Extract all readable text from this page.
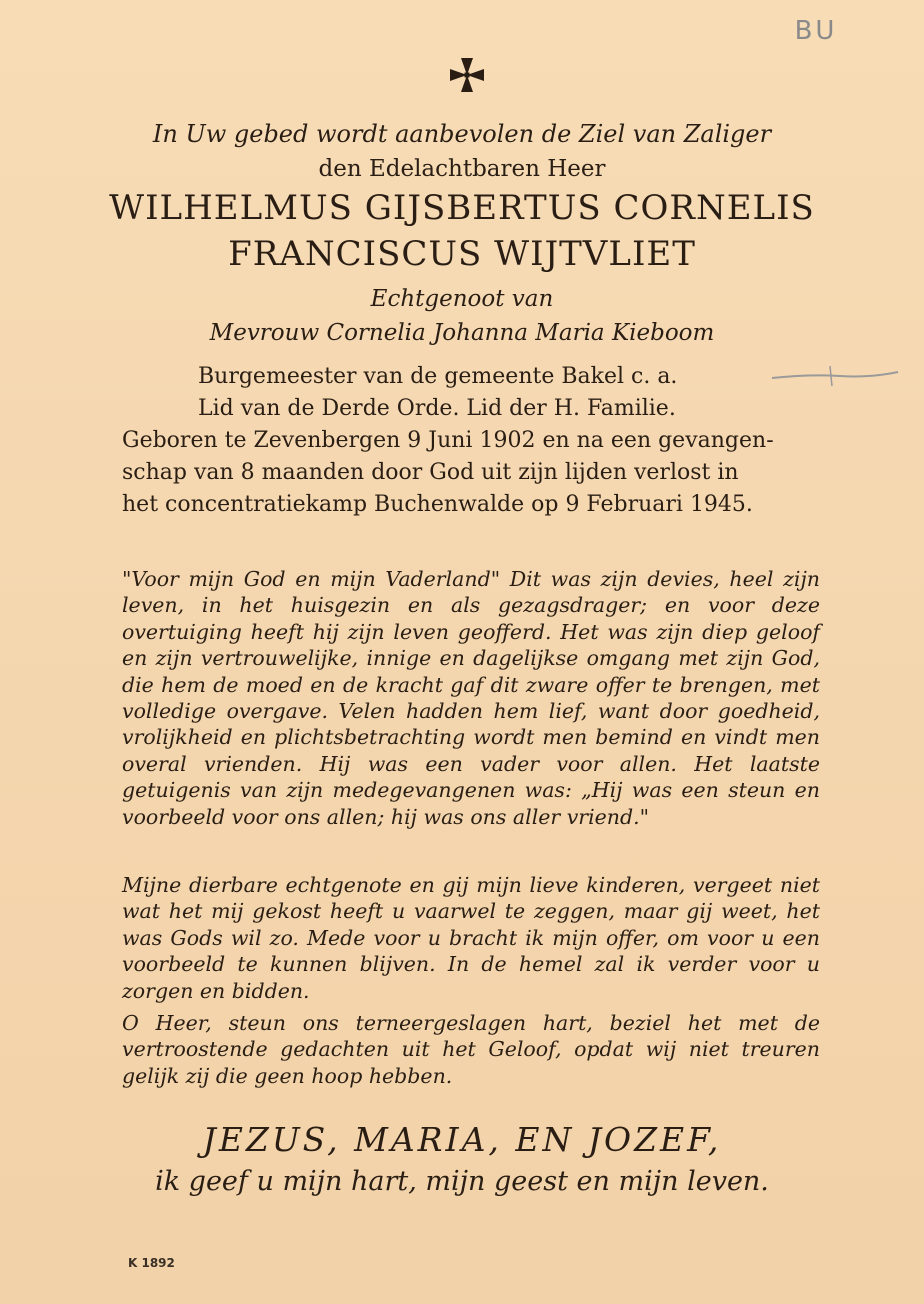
BU
In Uw gebed wordt aanbevolen de Ziel van Zaliger
den Edelachtbaren Heer
WILHELMUS GIJSBERTUS CORNELIS
FRANCISCUS WIJTVLIET
Echtgenoot van
Mevrouw Cornelia Johanna Maria Kieboom
Burgemeester van de gemeente Bakel c. a.
Lid van de Derde Orde. Lid der H. Familie.
Geboren te Zevenbergen 9 Juni 1902 en na een gevangen-
schap van 8 maanden door God uit zijn lijden verlost in
het concentratiekamp Buchenwalde op 9 Februari 1945.

"Voor mijn God en mijn Vaderland" Dit was zijn devies, heel zijn leven, in het huisgezin en als gezagsdrager; en voor deze overtuiging heeft hij zijn leven geofferd. Het was zijn diep geloof en zijn vertrouwelijke, innige en dagelijkse omgang met zijn God, die hem de moed en de kracht gaf dit zware offer te brengen, met volledige overgave. Velen hadden hem lief, want door goedheid, vrolijkheid en plichtsbetrachting wordt men bemind en vindt men overal vrienden. Hij was een vader voor allen. Het laatste getuigenis van zijn medegevangenen was: „Hij was een steun en voorbeeld voor ons allen; hij was ons aller vriend."

Mijne dierbare echtgenote en gij mijn lieve kinderen, vergeet niet wat het mij gekost heeft u vaarwel te zeggen, maar gij weet, het was Gods wil zo. Mede voor u bracht ik mijn offer, om voor u een voorbeeld te kunnen blijven. In de hemel zal ik verder voor u zorgen en bidden.

O Heer, steun ons terneergeslagen hart, beziel het met de vertroostende gedachten uit het Geloof, opdat wij niet treuren gelijk zij die geen hoop hebben.

JEZUS, MARIA, EN JOZEF,
ik geef u mijn hart, mijn geest en mijn leven.
K 1892
